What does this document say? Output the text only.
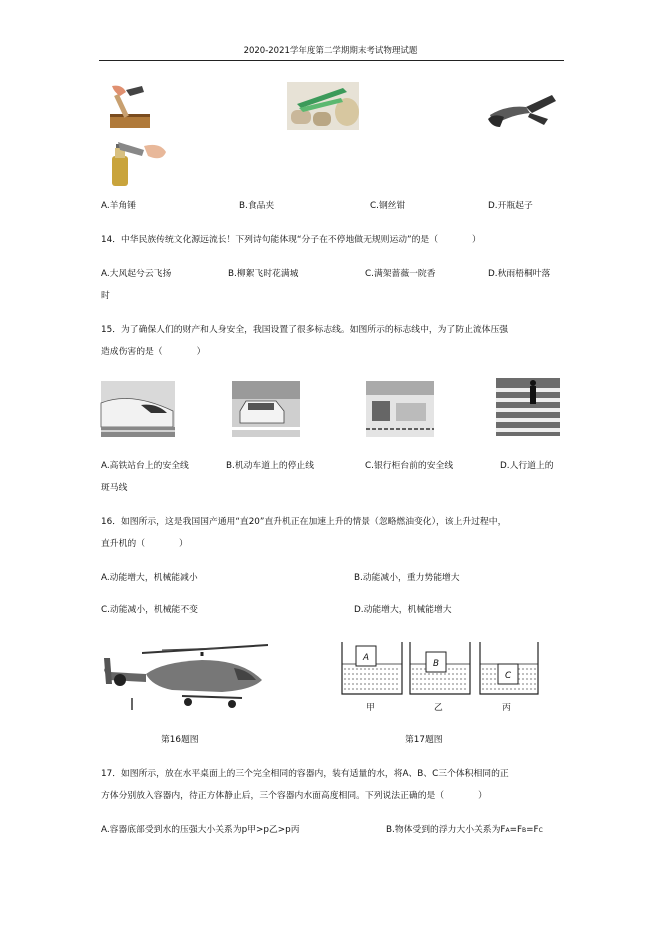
2020-2021学年度第二学期期末考试物理试题
A.羊角锤	B.食品夹	C.钢丝钳	D.开瓶起子
14．中华民族传统文化源远流长！下列诗句能体现“分子在不停地做无规则运动”的是（	）
A.大风起兮云飞扬	B.柳絮飞时花满城	C.满架蔷薇一院香	D.秋雨梧桐叶落
时
15．为了确保人们的财产和人身安全，我国设置了很多标志线。如图所示的标志线中，为了防止流体压强
造成伤害的是（	）
A.高铁站台上的安全线	B.机动车道上的停止线	C.银行柜台前的安全线	D.人行道上的
斑马线
16．如图所示，这是我国国产通用“直20”直升机正在加速上升的情景（忽略燃油变化），该上升过程中，
直升机的（	）
A.动能增大，机械能减小	B.动能减小，重力势能增大
C.动能减小，机械能不变	D.动能增大，机械能增大
第16题图
A
B
C
甲	乙	丙
第17题图
17．如图所示，放在水平桌面上的三个完全相同的容器内，装有适量的水，将A、B、C三个体积相同的正
方体分别放入容器内，待正方体静止后，三个容器内水面高度相同。下列说法正确的是（	）
A.容器底部受到水的压强大小关系为p甲>p乙>p丙	B.物体受到的浮力大小关系为FA=FB=FC
